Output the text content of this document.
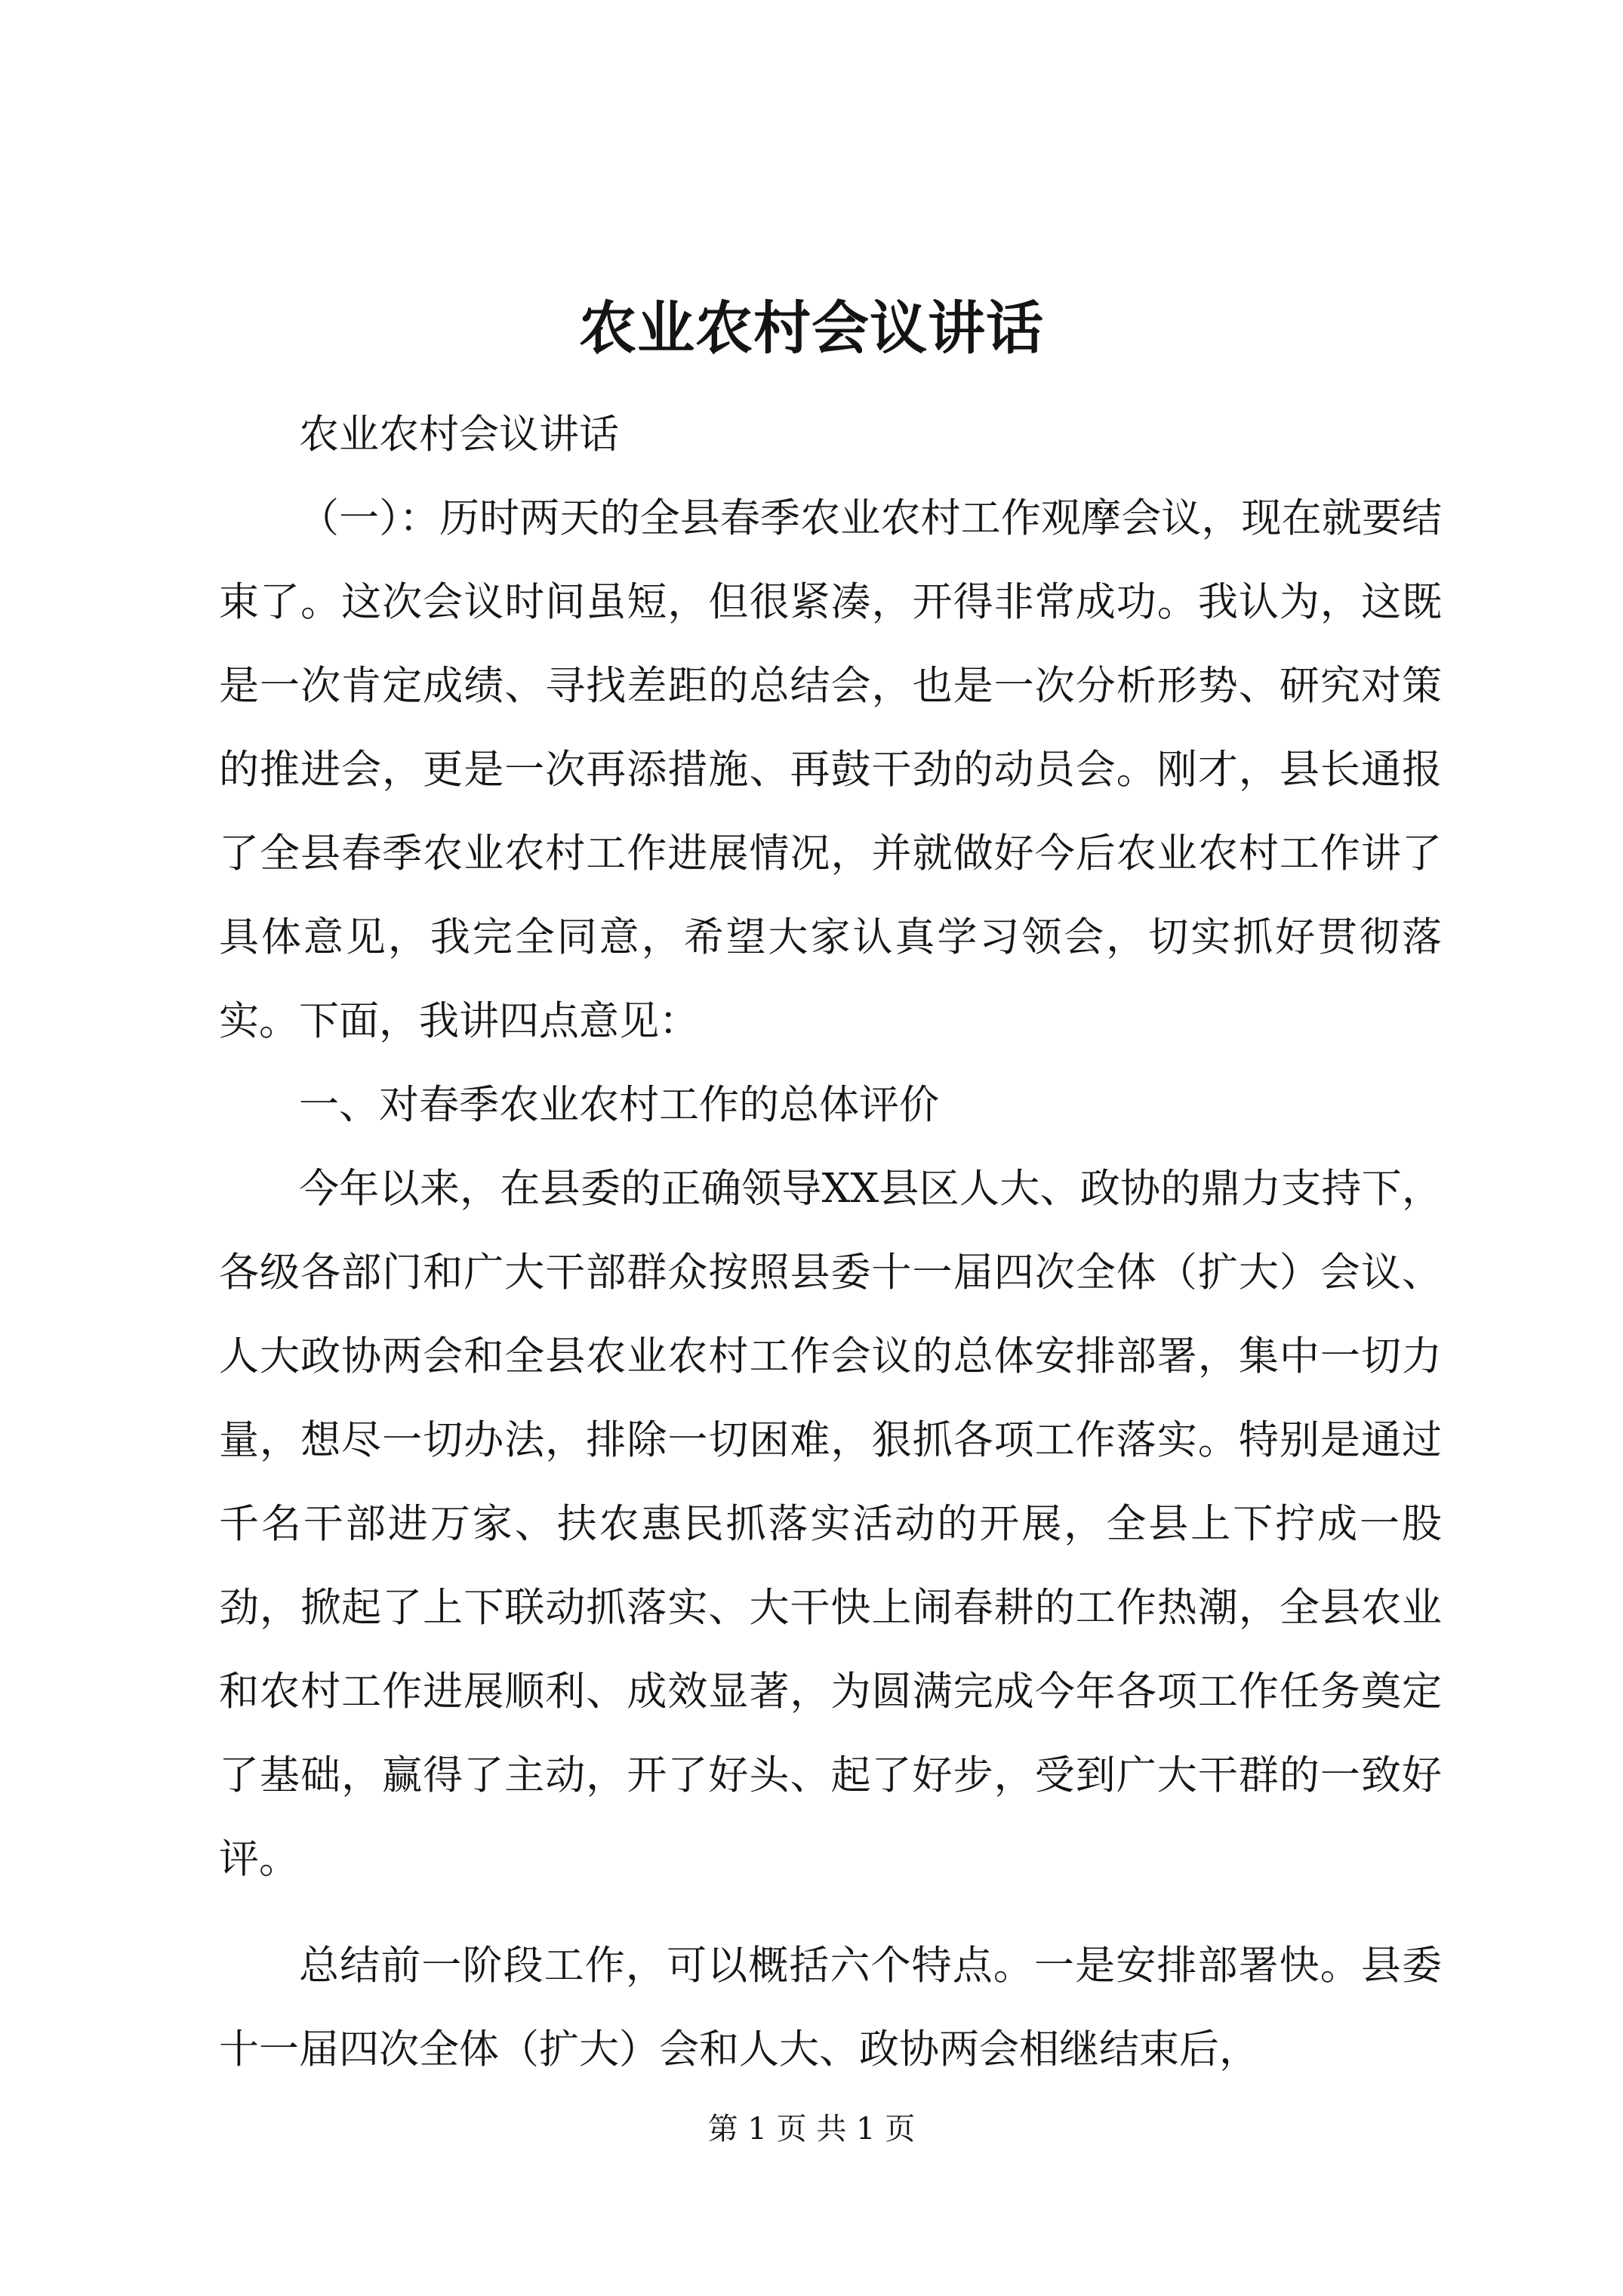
农业农村会议讲话

农业农村会议讲话

（一）：历时两天的全县春季农业农村工作观摩会议，现在就要结束了。这次会议时间虽短，但很紧凑，开得非常成功。我认为，这既是一次肯定成绩、寻找差距的总结会，也是一次分析形势、研究对策的推进会，更是一次再添措施、再鼓干劲的动员会。刚才，县长通报了全县春季农业农村工作进展情况，并就做好今后农业农村工作讲了具体意见，我完全同意，希望大家认真学习领会，切实抓好贯彻落实。下面，我讲四点意见：

一、对春季农业农村工作的总体评价

今年以来，在县委的正确领导XX县区人大、政协的鼎力支持下，各级各部门和广大干部群众按照县委十一届四次全体（扩大）会议、人大政协两会和全县农业农村工作会议的总体安排部署，集中一切力量，想尽一切办法，排除一切困难，狠抓各项工作落实。特别是通过千名干部进万家、扶农惠民抓落实活动的开展，全县上下拧成一股劲，掀起了上下联动抓落实、大干快上闹春耕的工作热潮，全县农业和农村工作进展顺利、成效显著，为圆满完成今年各项工作任务奠定了基础，赢得了主动，开了好头、起了好步，受到广大干群的一致好评。

总结前一阶段工作，可以概括六个特点。一是安排部署快。县委十一届四次全体（扩大）会和人大、政协两会相继结束后，

第 1 页 共 1 页
